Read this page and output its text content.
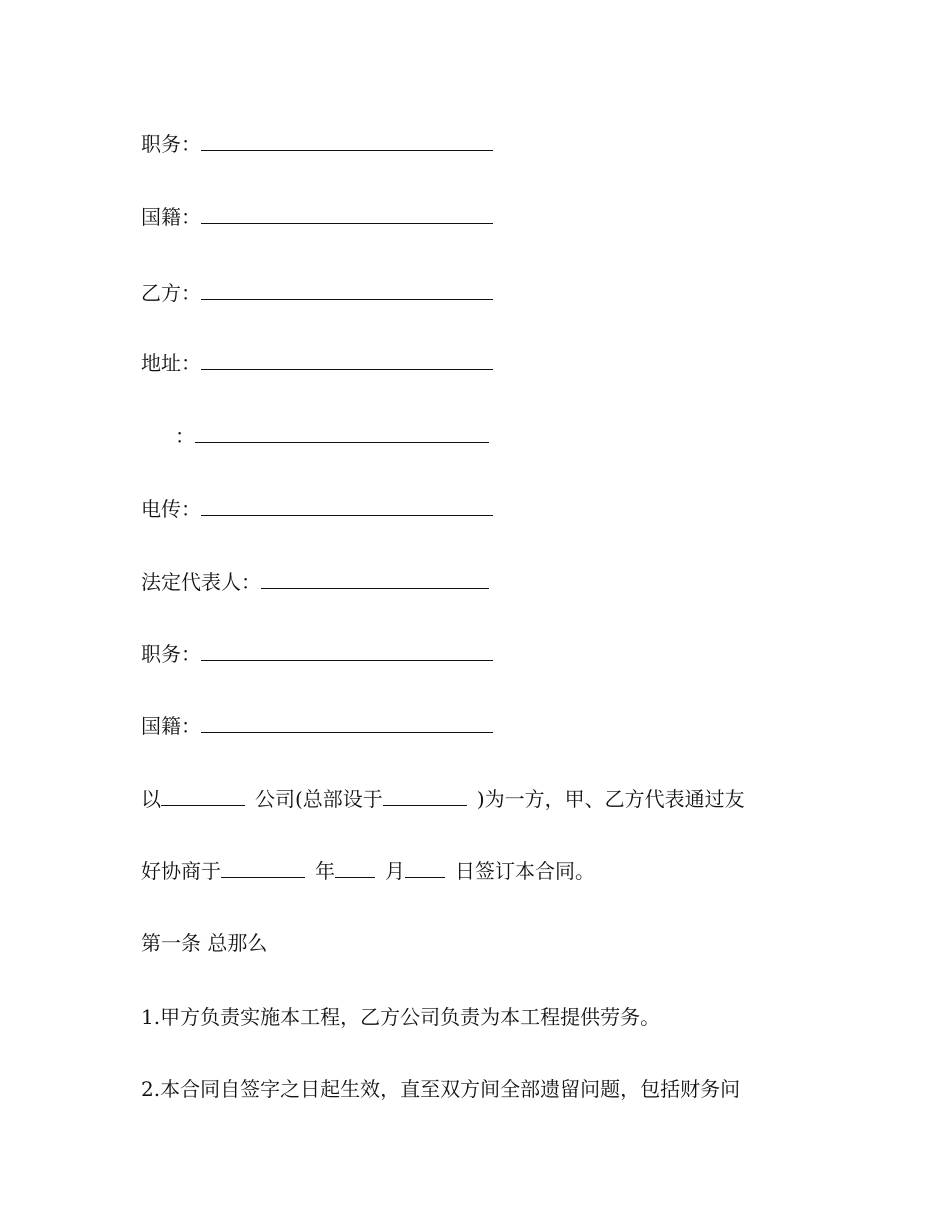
职务：
国籍：
乙方：
地址：
：
电传：
法定代表人：
职务：
国籍：
以	公司(总部设于	)为一方，甲、乙方代表通过友
好协商于	年	月	日签订本合同。
第一条 总那么
1.甲方负责实施本工程，乙方公司负责为本工程提供劳务。
2.本合同自签字之日起生效，直至双方间全部遗留问题，包括财务问
